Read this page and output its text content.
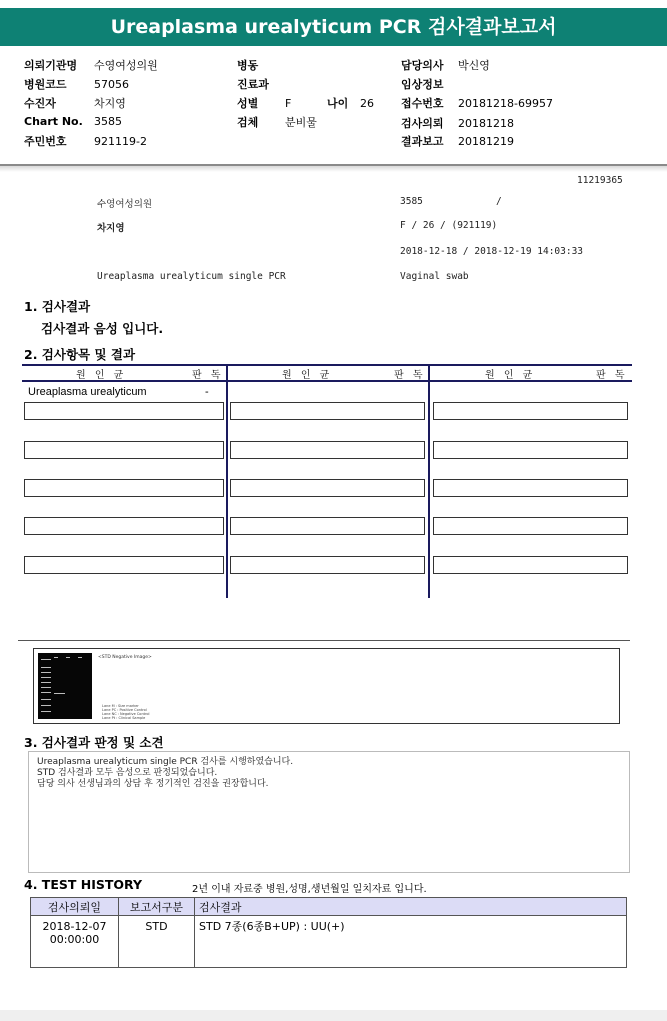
Ureaplasma urealyticum PCR 검사결과보고서
의뢰기관명 수영여성의원
병원코드 57056
수진자	차지영
Chart No. 3585
주민번호 921119-2
병동
진료과
성별 F	나이 26
검체 분비물
담당의사 박신영
임상정보
접수번호 20181218-69957
검사의뢰 20181218
결과보고 20181219
11219365
수영여성의원	3585	/
차지영	F / 26 / (921119)
2018-12-18 / 2018-12-19 14:03:33
Ureaplasma urealyticum single PCR	Vaginal swab
1. 검사결과
검사결과 음성 입니다.
2. 검사항목 및 결과
원 인 균	판 독	원 인 균	판 독	원 인 균	판 독
Ureaplasma urealyticum	-
<STD Negative Image>
Lane M : Size marker
Lane PC : Positive Control
Lane NC : Negative Control
Lane Pt : Clinical Sample
3. 검사결과 판정 및 소견
Ureaplasma urealyticum single PCR 검사를 시행하였습니다.
STD 검사결과 모두 음성으로 판정되었습니다.
담당 의사 선생님과의 상담 후 정기적인 검진을 권장합니다.
4. TEST HISTORY	2년 이내 자료중 병원,성명,생년월일 일치자료 입니다.
검사의뢰일	보고서구분	검사결과

2018-12-07
00:00:00	STD	STD 7종(6종B+UP) : UU(+)
